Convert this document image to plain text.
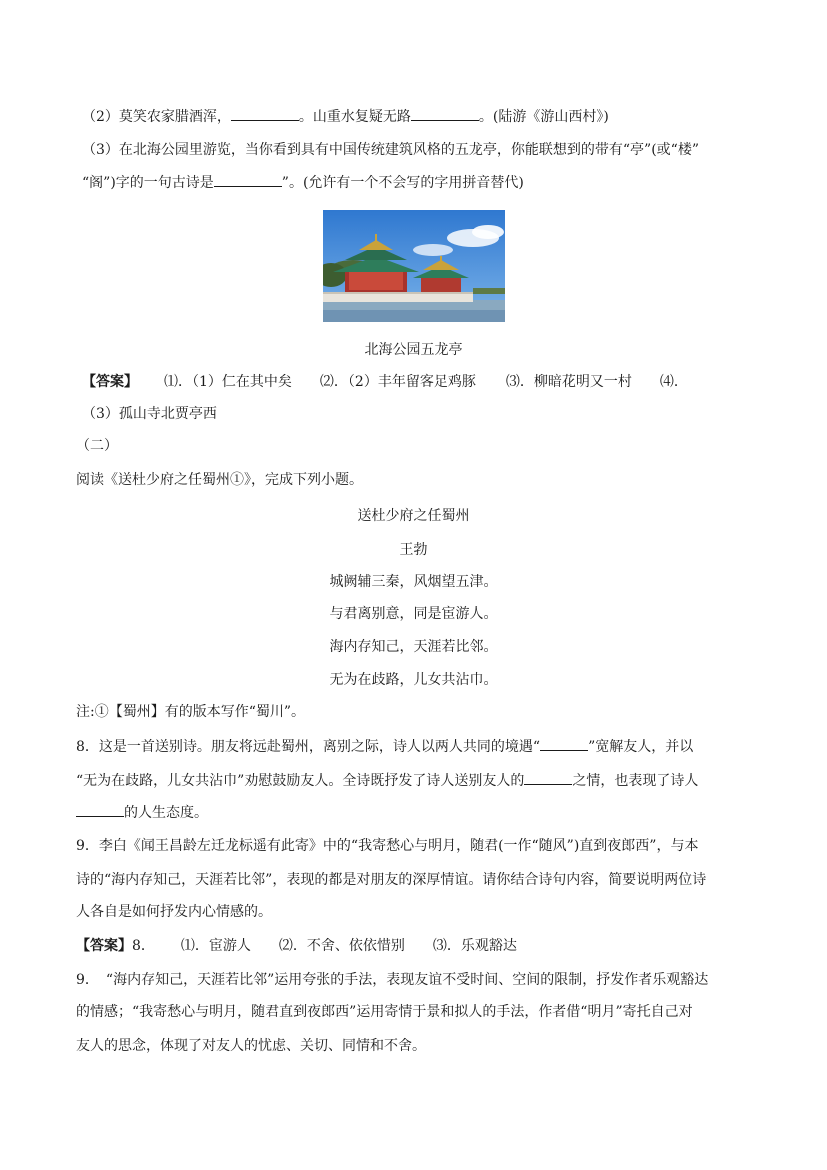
（2）莫笑农家腊酒浑，	。山重水复疑无路	。(陆游《游山西村》)
（3）在北海公园里游览，当你看到具有中国传统建筑风格的五龙亭，你能联想到的带有“亭”(或“楼”
“阁”)字的一句古诗是	”。(允许有一个不会写的字用拼音替代)
北海公园五龙亭
【答案】 ⑴．（1）仁在其中矣 ⑵．（2）丰年留客足鸡豚 ⑶．柳暗花明又一村 ⑷．
（3）孤山寺北贾亭西
（二）
阅读《送杜少府之任蜀州①》，完成下列小题。
送杜少府之任蜀州
王勃
城阙辅三秦，风烟望五津。
与君离别意，同是宦游人。
海内存知己，天涯若比邻。
无为在歧路，儿女共沾巾。
注:①【蜀州】有的版本写作“蜀川”。
8．这是一首送别诗。朋友将远赴蜀州，离别之际，诗人以两人共同的境遇“	”宽解友人，并以
“无为在歧路，儿女共沾巾”劝慰鼓励友人。全诗既抒发了诗人送别友人的	之情，也表现了诗人
的人生态度。
9．李白《闻王昌龄左迁龙标遥有此寄》中的“我寄愁心与明月，随君(一作“随风”)直到夜郎西”，与本
诗的“海内存知己，天涯若比邻”，表现的都是对朋友的深厚情谊。请你结合诗句内容，简要说明两位诗
人各自是如何抒发内心情感的。
【答案】8． ⑴．宦游人 ⑵．不舍、依依惜别 ⑶．乐观豁达
9．　“海内存知己，天涯若比邻”运用夸张的手法，表现友谊不受时间、空间的限制，抒发作者乐观豁达
的情感；“我寄愁心与明月，随君直到夜郎西”运用寄情于景和拟人的手法，作者借“明月”寄托自己对
友人的思念，体现了对友人的忧虑、关切、同情和不舍。
